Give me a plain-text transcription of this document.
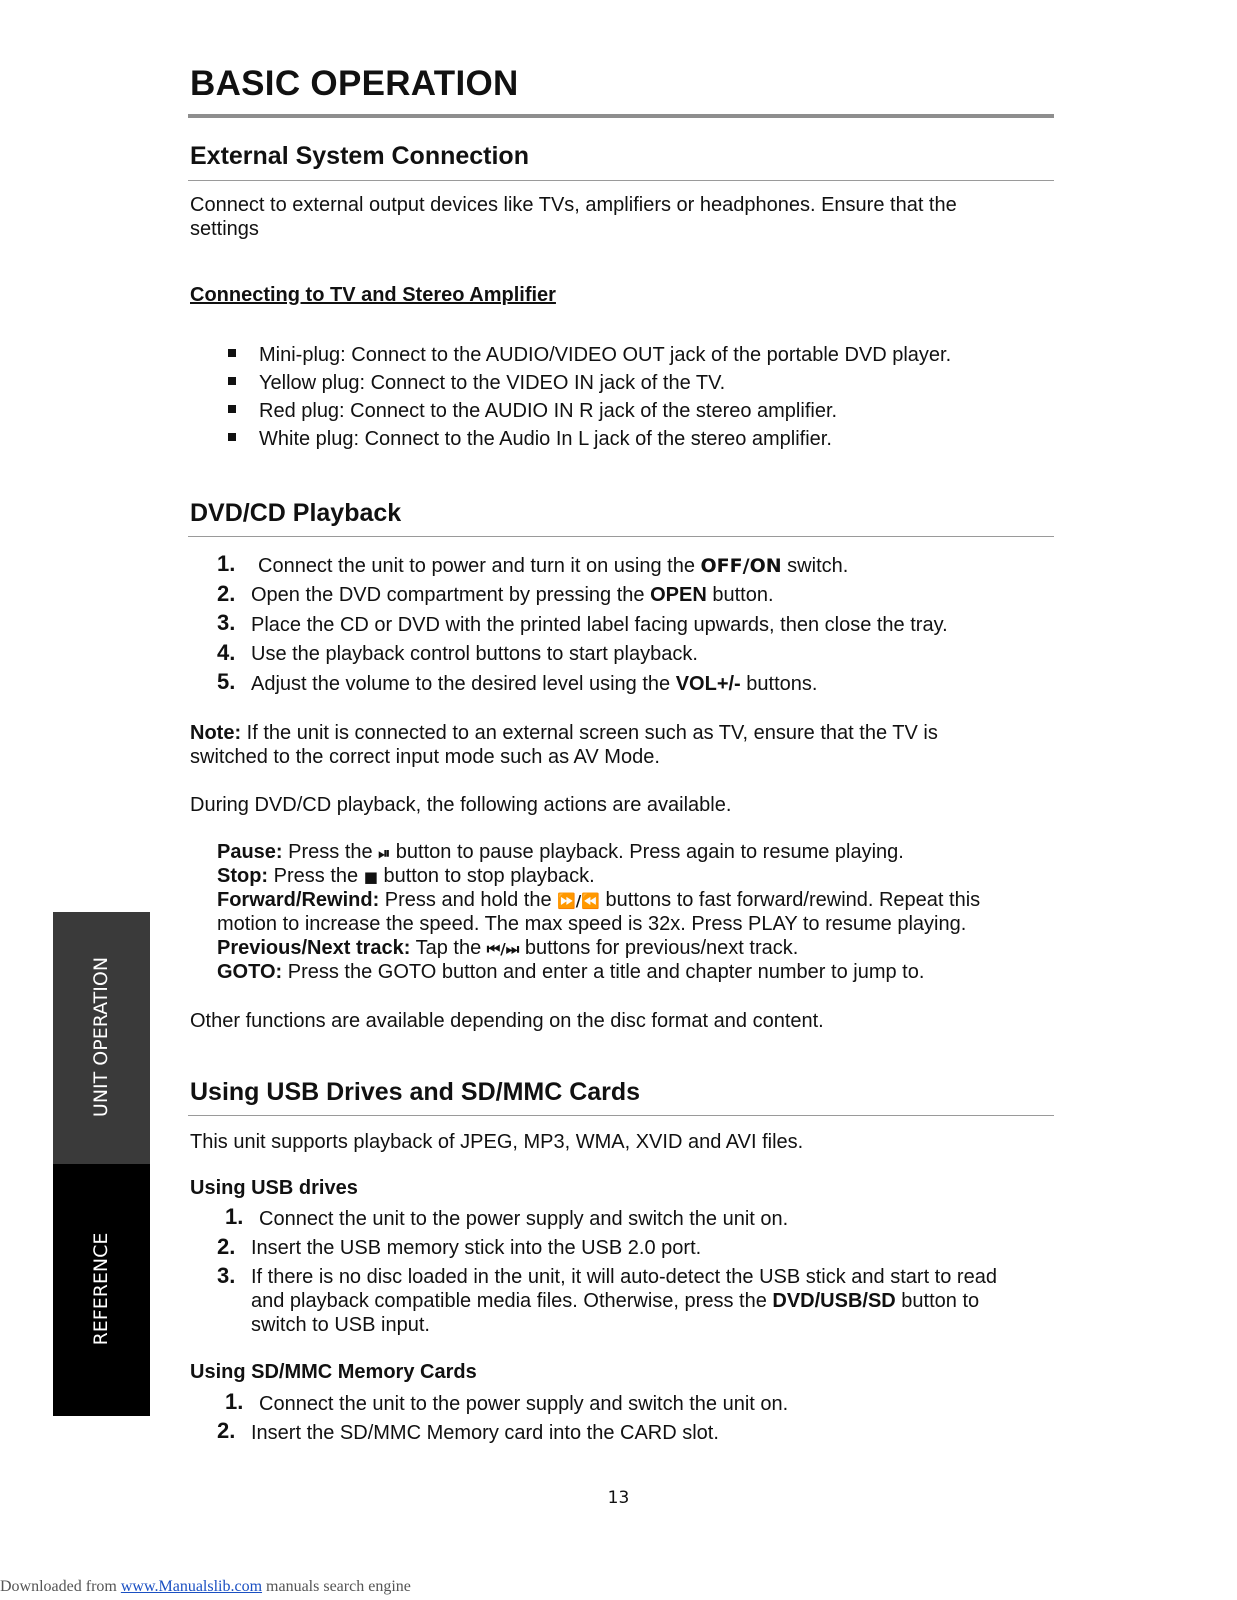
BASIC OPERATION
External System Connection
Connect to external output devices like TVs, amplifiers or headphones. Ensure that the
settings
Connecting to TV and Stereo Amplifier
Mini-plug: Connect to the AUDIO/VIDEO OUT jack of the portable DVD player.
Yellow plug: Connect to the VIDEO IN jack of the TV.
Red plug: Connect to the AUDIO IN R jack of the stereo amplifier.
White plug: Connect to the Audio In L jack of the stereo amplifier.
DVD/CD Playback
1. Connect the unit to power and turn it on using the OFF/ON switch.
2. Open the DVD compartment by pressing the OPEN button.
3. Place the CD or DVD with the printed label facing upwards, then close the tray.
4. Use the playback control buttons to start playback.
5. Adjust the volume to the desired level using the VOL+/- buttons.
Note: If the unit is connected to an external screen such as TV, ensure that the TV is
switched to the correct input mode such as AV Mode.
During DVD/CD playback, the following actions are available.
Pause: Press the ⏯ button to pause playback. Press again to resume playing.
Stop: Press the ■ button to stop playback.
Forward/Rewind: Press and hold the ⏩/⏪ buttons to fast forward/rewind. Repeat this
motion to increase the speed. The max speed is 32x. Press PLAY to resume playing.
Previous/Next track: Tap the ⏮/⏭ buttons for previous/next track.
GOTO: Press the GOTO button and enter a title and chapter number to jump to.
Other functions are available depending on the disc format and content.
Using USB Drives and SD/MMC Cards
This unit supports playback of JPEG, MP3, WMA, XVID and AVI files.
Using USB drives
1. Connect the unit to the power supply and switch the unit on.
2. Insert the USB memory stick into the USB 2.0 port.
3. If there is no disc loaded in the unit, it will auto-detect the USB stick and start to read
and playback compatible media files. Otherwise, press the DVD/USB/SD button to
switch to USB input.
Using SD/MMC Memory Cards
1. Connect the unit to the power supply and switch the unit on.
2. Insert the SD/MMC Memory card into the CARD slot.
UNIT OPERATION
REFERENCE
13
Downloaded from www.Manualslib.com manuals search engine
